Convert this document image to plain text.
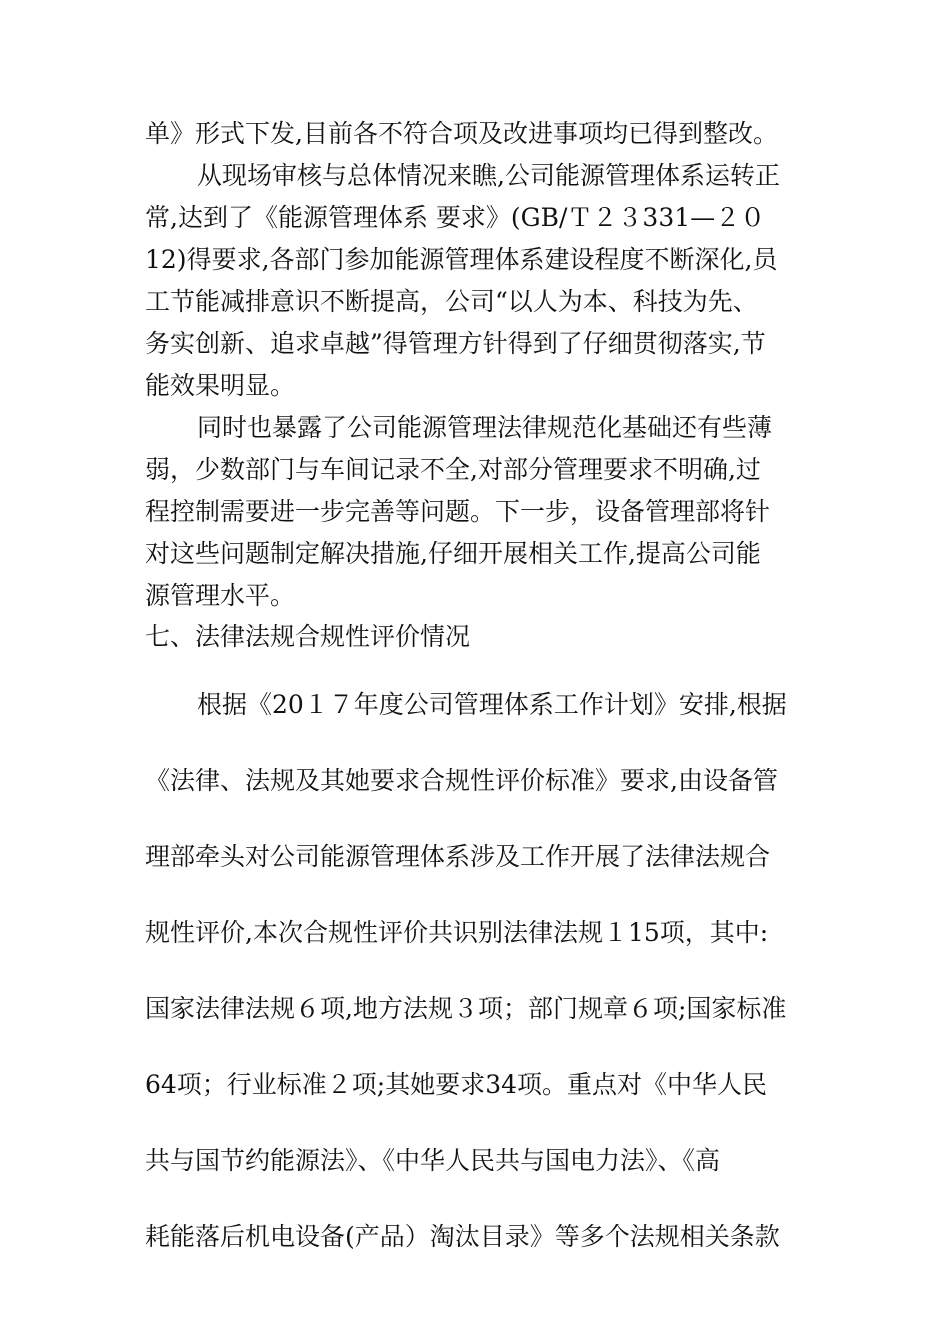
单》形式下发,目前各不符合项及改进事项均已得到整改。
从现场审核与总体情况来瞧,公司能源管理体系运转正
常,达到了《能源管理体系 要求》(GB/Ｔ２３331—２０
12)得要求,各部门参加能源管理体系建设程度不断深化,员
工节能减排意识不断提高，公司“以人为本、科技为先、
务实创新、追求卓越”得管理方针得到了仔细贯彻落实,节
能效果明显。
同时也暴露了公司能源管理法律规范化基础还有些薄
弱，少数部门与车间记录不全,对部分管理要求不明确,过
程控制需要进一步完善等问题。下一步，设备管理部将针
对这些问题制定解决措施,仔细开展相关工作,提高公司能
源管理水平。
七、法律法规合规性评价情况
根据《20１７年度公司管理体系工作计划》安排,根据
《法律、法规及其她要求合规性评价标准》要求,由设备管
理部牵头对公司能源管理体系涉及工作开展了法律法规合
规性评价,本次合规性评价共识别法律法规１15项，其中:
国家法律法规６项,地方法规３项；部门规章６项;国家标准
64项；行业标准２项;其她要求34项。重点对《中华人民
共与国节约能源法》、《中华人民共与国电力法》、《高
耗能落后机电设备(产品）淘汰目录》等多个法规相关条款
